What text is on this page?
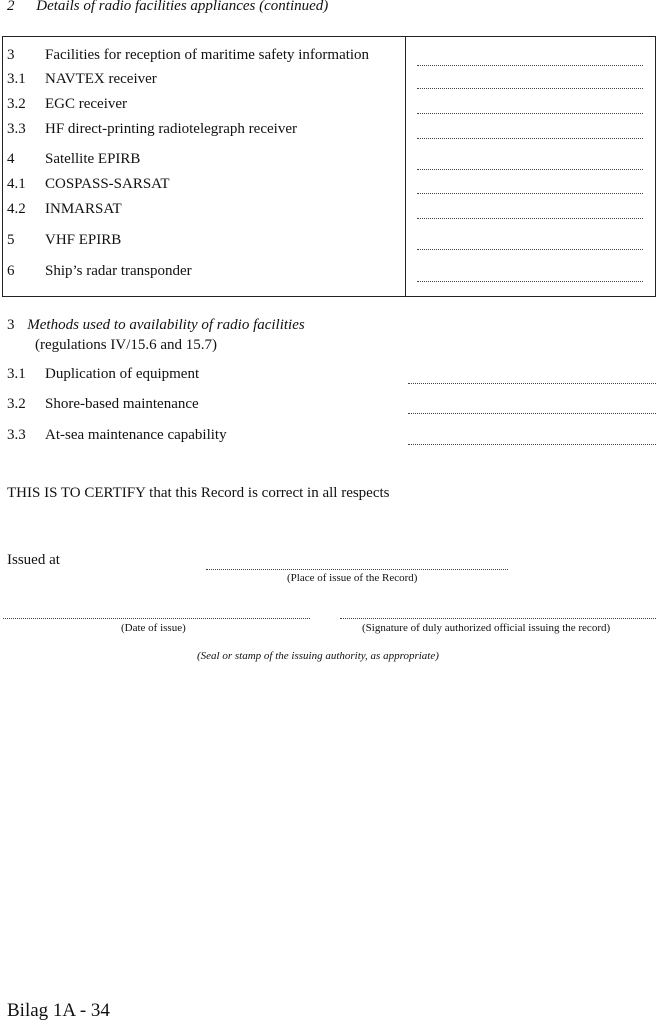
2 Details of radio facilities appliances (continued)
3 Facilities for reception of maritime safety information
3.1 NAVTEX receiver
3.2 EGC receiver
3.3 HF direct-printing radiotelegraph receiver
4 Satellite EPIRB
4.1 COSPASS-SARSAT
4.2 INMARSAT
5 VHF EPIRB
6 Ship’s radar transponder
3 Methods used to availability of radio facilities
(regulations IV/15.6 and 15.7)
3.1 Duplication of equipment
3.2 Shore-based maintenance
3.3 At-sea maintenance capability
THIS IS TO CERTIFY that this Record is correct in all respects
Issued at
(Place of issue of the Record)
(Date of issue)	(Signature of duly authorized official issuing the record)
(Seal or stamp of the issuing authority, as appropriate)
Bilag 1A - 34
